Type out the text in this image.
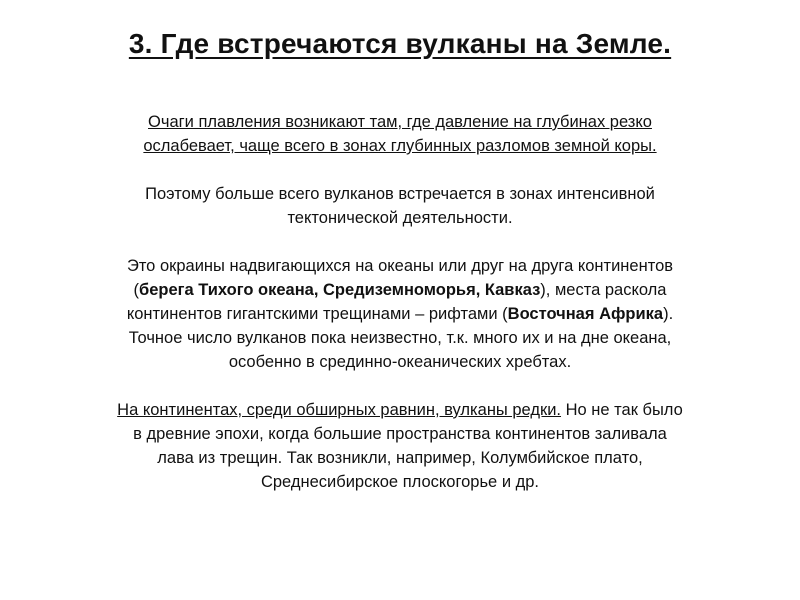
3. Где встречаются вулканы на Земле.

Очаги плавления возникают там, где давление на глубинах резко
ослабевает, чаще всего в зонах глубинных разломов земной коры.

Поэтому больше всего вулканов встречается в зонах интенсивной
тектонической деятельности.

Это окраины надвигающихся на океаны или друг на друга континентов
(берега Тихого океана, Средиземноморья, Кавказ), места раскола
континентов гигантскими трещинами – рифтами (Восточная Африка).
Точное число вулканов пока неизвестно, т.к. много их и на дне океана,
особенно в срединно-океанических хребтах.

На континентах, среди обширных равнин, вулканы редки. Но не так было
в древние эпохи, когда большие пространства континентов заливала
лава из трещин. Так возникли, например, Колумбийское плато,
Среднесибирское плоскогорье и др.
